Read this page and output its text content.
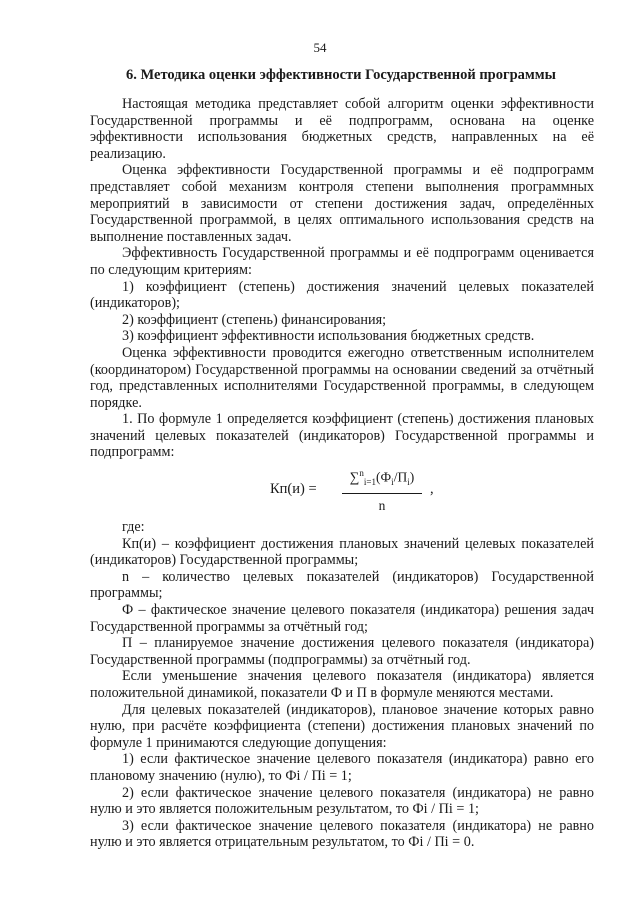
54
6. Методика оценки эффективности Государственной программы

Настоящая методика представляет собой алгоритм оценки эффективности Государственной программы и её подпрограмм, основана на оценке эффективности использования бюджетных средств, направленных на её реализацию.

Оценка эффективности Государственной программы и её подпрограмм представляет собой механизм контроля степени выполнения программных мероприятий в зависимости от степени достижения задач, определённых Государственной программой, в целях оптимального использования средств на выполнение поставленных задач.

Эффективность Государственной программы и её подпрограмм оценивается по следующим критериям:

1) коэффициент (степень) достижения значений целевых показателей (индикаторов);

2) коэффициент (степень) финансирования;

3) коэффициент эффективности использования бюджетных средств.

Оценка эффективности проводится ежегодно ответственным исполнителем (координатором) Государственной программы на основании сведений за отчётный год, представленных исполнителями Государственной программы, в следующем порядке.

1. По формуле 1 определяется коэффициент (степень) достижения плановых значений целевых показателей (индикаторов) Государственной программы и подпрограмм:

Кп(и) =
$\sum^n_{i=1}(Ф_i/П_i)$
n
,

где:

Кп(и) – коэффициент достижения плановых значений целевых показателей (индикаторов) Государственной программы;

n – количество целевых показателей (индикаторов) Государственной программы;

Ф – фактическое значение целевого показателя (индикатора) решения задач Государственной программы за отчётный год;

П – планируемое значение достижения целевого показателя (индикатора) Государственной программы (подпрограммы) за отчётный год.

Если уменьшение значения целевого показателя (индикатора) является положительной динамикой, показатели Ф и П в формуле меняются местами.

Для целевых показателей (индикаторов), плановое значение которых равно нулю, при расчёте коэффициента (степени) достижения плановых значений по формуле 1 принимаются следующие допущения:

1) если фактическое значение целевого показателя (индикатора) равно его плановому значению (нулю), то Фi / Пi = 1;

2) если фактическое значение целевого показателя (индикатора) не равно нулю и это является положительным результатом, то Фi / Пi = 1;

3) если фактическое значение целевого показателя (индикатора) не равно нулю и это является отрицательным результатом, то Фi / Пi = 0.
